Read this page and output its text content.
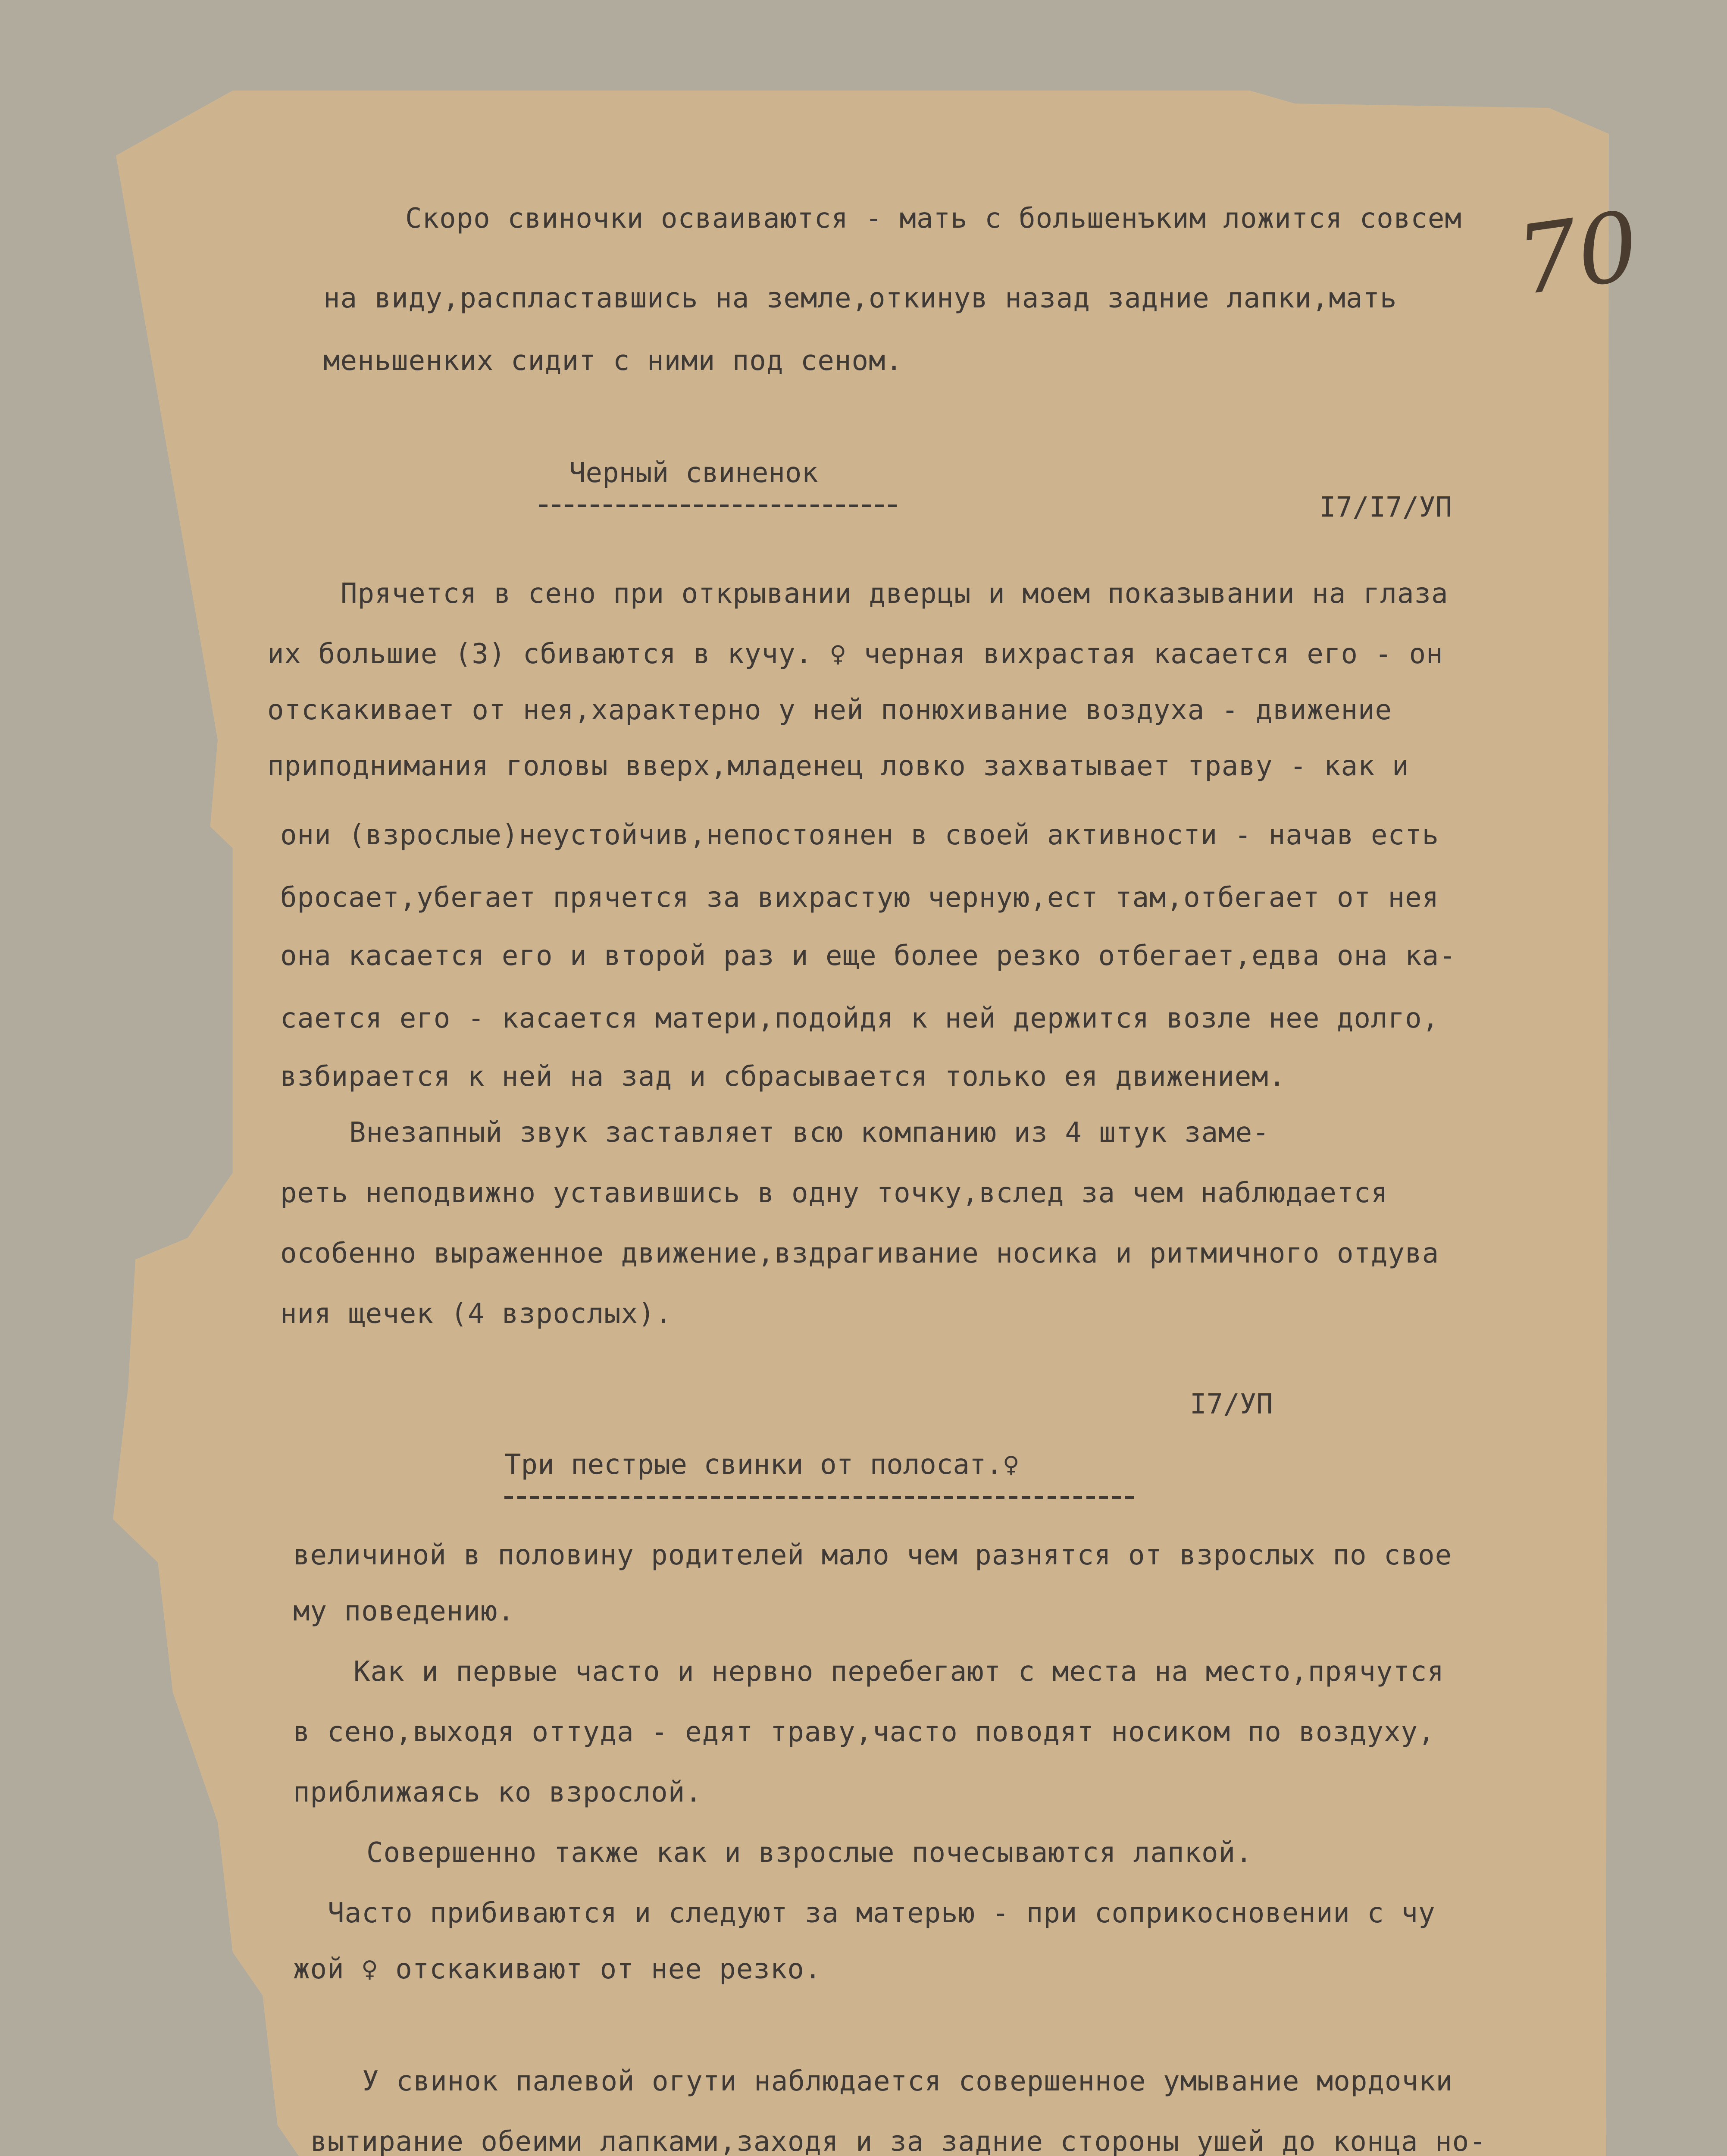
70
Скоро свиночки осваиваются - мать с большенъким ложится совсем
на виду,распластавшись на земле,откинув назад задние лапки,мать
меньшенких сидит с ними под сеном.
Черный свиненок
I7/I7/УП
Прячется в сено при открывании дверцы и моем показывании на глаза
их большие (3) сбиваются в кучу. ♀ черная вихрастая касается его - он
отскакивает от нея,характерно у ней понюхивание воздуха - движение
приподнимания головы вверх,младенец ловко захватывает траву - как и
они (взрослые)неустойчив,непостоянен в своей активности - начав есть
бросает,убегает прячется за вихрастую черную,ест там,отбегает от нея
она касается его и второй раз и еще более резко отбегает,едва она ка-
сается его - касается матери,подойдя к ней держится возле нее долго,
взбирается к ней на зад и сбрасывается только ея движением.
Внезапный звук заставляет всю компанию из 4 штук заме-
реть неподвижно уставившись в одну точку,вслед за чем наблюдается
особенно выраженное движение,вздрагивание носика и ритмичного отдува
ния щечек (4 взрослых).
I7/УП
Три пестрые свинки от полосат.♀
величиной в половину родителей мало чем разнятся от взрослых по свое
му поведению.
Как и первые часто и нервно перебегают с места на место,прячутся
в сено,выходя оттуда - едят траву,часто поводят носиком по воздуху,
приближаясь ко взрослой.
Совершенно также как и взрослые почесываются лапкой.
Часто прибиваются и следуют за матерью - при соприкосновении с чу
жой ♀ отскакивают от нее резко.
У свинок палевой огути наблюдается совершенное умывание мордочки
вытирание обеими лапками,заходя и за задние стороны ушей до конца но-
